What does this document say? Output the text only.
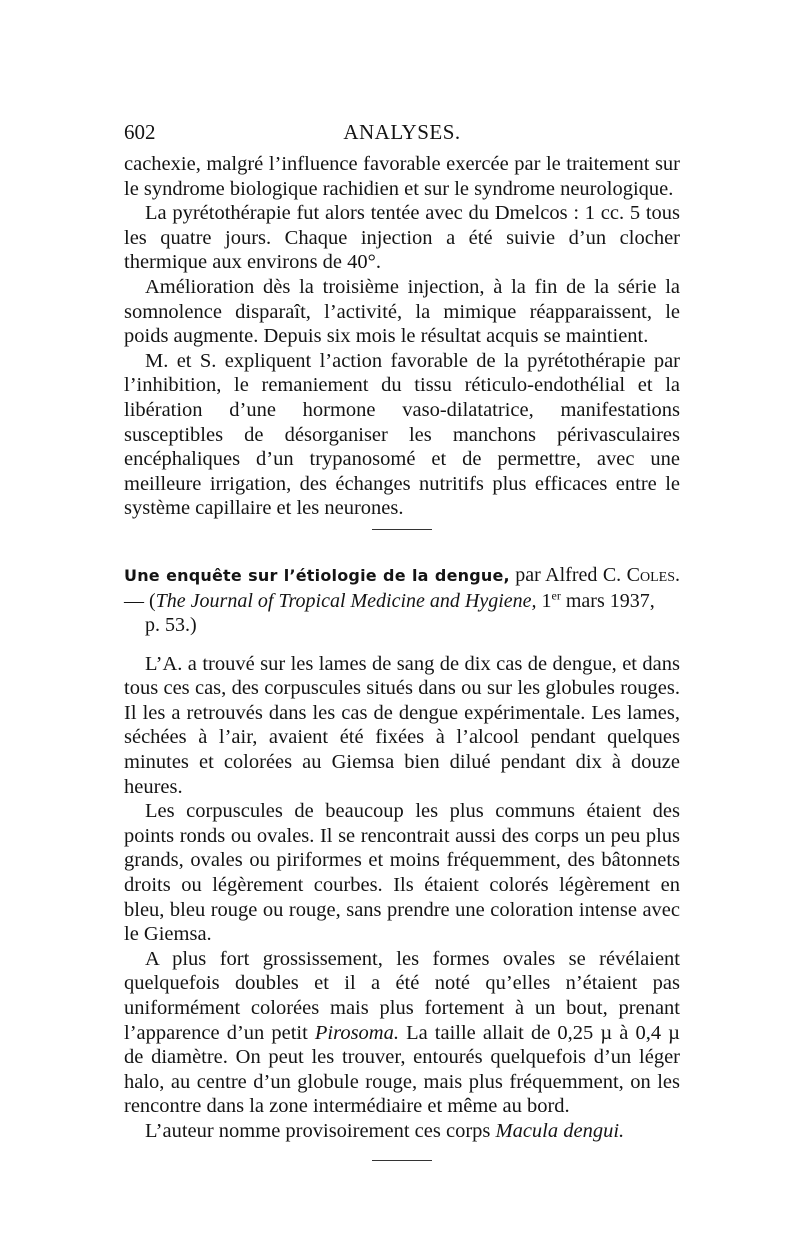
602	ANALYSES.

cachexie, malgré l’influence favorable exercée par le traitement sur le syndrome biologique rachidien et sur le syndrome neurologique.

La pyrétothérapie fut alors tentée avec du Dmelcos : 1 cc. 5 tous les quatre jours. Chaque injection a été suivie d’un clocher thermique aux environs de 40°.

Amélioration dès la troisième injection, à la fin de la série la somnolence disparaît, l’activité, la mimique réapparaissent, le poids augmente. Depuis six mois le résultat acquis se maintient.

M. et S. expliquent l’action favorable de la pyrétothérapie par l’inhibition, le remaniement du tissu réticulo-endothélial et la libération d’une hormone vaso-dilatatrice, manifestations susceptibles de désorganiser les manchons périvasculaires encéphaliques d’un trypanosomé et de permettre, avec une meilleure irrigation, des échanges nutritifs plus efficaces entre le système capillaire et les neurones.

Une enquête sur l’étiologie de la dengue, par Alfred C. Coles. — (The Journal of Tropical Medicine and Hygiene, 1er mars 1937,
p. 53.)

L’A. a trouvé sur les lames de sang de dix cas de dengue, et dans tous ces cas, des corpuscules situés dans ou sur les globules rouges. Il les a retrouvés dans les cas de dengue expérimentale. Les lames, séchées à l’air, avaient été fixées à l’alcool pendant quelques minutes et colorées au Giemsa bien dilué pendant dix à douze heures.

Les corpuscules de beaucoup les plus communs étaient des points ronds ou ovales. Il se rencontrait aussi des corps un peu plus grands, ovales ou piriformes et moins fréquemment, des bâtonnets droits ou légèrement courbes. Ils étaient colorés légèrement en bleu, bleu rouge ou rouge, sans prendre une coloration intense avec le Giemsa.

A plus fort grossissement, les formes ovales se révélaient quelquefois doubles et il a été noté qu’elles n’étaient pas uniformément colorées mais plus fortement à un bout, prenant l’apparence d’un petit Pirosoma. La taille allait de 0,25 µ à 0,4 µ de diamètre. On peut les trouver, entourés quelquefois d’un léger halo, au centre d’un globule rouge, mais plus fréquemment, on les rencontre dans la zone intermédiaire et même au bord.

L’auteur nomme provisoirement ces corps Macula dengui.
